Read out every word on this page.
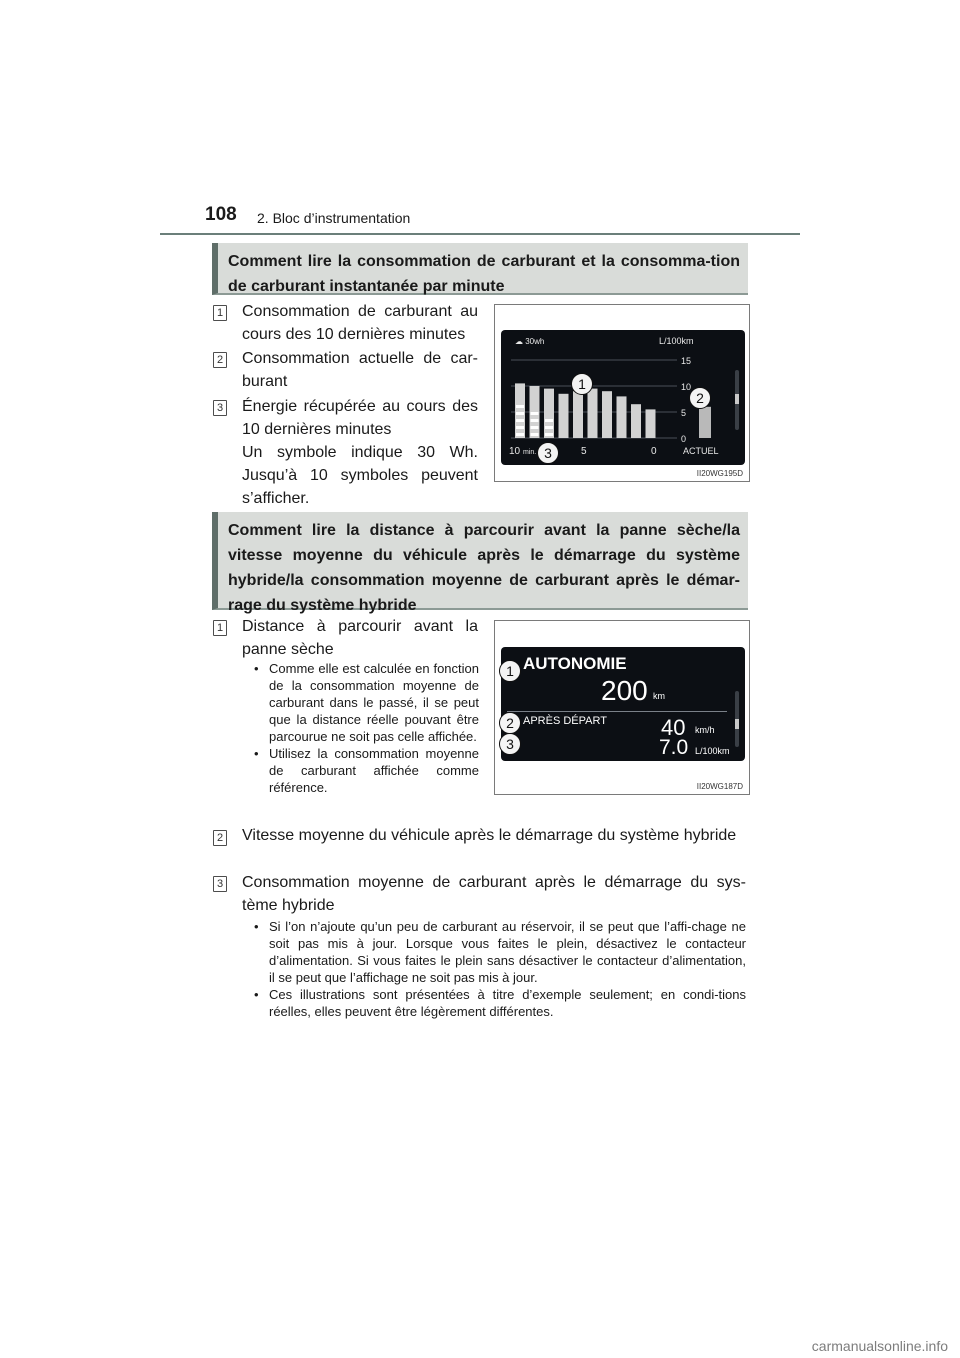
108 2. Bloc d’instrumentation
Comment lire la consommation de carburant et la consomma-tion de carburant instantanée par minute
1 Consommation de carburant au cours des 10 dernières minutes
2 Consommation actuelle de car-burant
3 Énergie récupérée au cours des 10 dernières minutes
Un symbole indique 30 Wh. Jusqu’à 10 symboles peuvent s’afficher.
15
10
5
0
☁ 30wh	L/100km
10 min.	5	0	ACTUEL
1
2
3
II20WG195D
Comment lire la distance à parcourir avant la panne sèche/la vitesse moyenne du véhicule après le démarrage du système hybride/la consommation moyenne de carburant après le démar-rage du système hybride
1 Distance à parcourir avant la panne sèche
• Comme elle est calculée en fonction de la consommation moyenne de carburant dans le passé, il se peut que la distance réelle pouvant être parcourue ne soit pas celle affichée.
• Utilisez la consommation moyenne de carburant affichée comme référence.
AUTONOMIE
200 km
APRÈS DÉPART 40 km/h
7.0 L/100km
1
2
3
II20WG187D
2 Vitesse moyenne du véhicule après le démarrage du système hybride
3 Consommation moyenne de carburant après le démarrage du sys-tème hybride
• Si l’on n’ajoute qu’un peu de carburant au réservoir, il se peut que l’affi-chage ne soit pas mis à jour. Lorsque vous faites le plein, désactivez le contacteur d’alimentation. Si vous faites le plein sans désactiver le contacteur d’alimentation, il se peut que l’affichage ne soit pas mis à jour.
• Ces illustrations sont présentées à titre d’exemple seulement; en condi-tions réelles, elles peuvent être légèrement différentes.
carmanualsonline.info
